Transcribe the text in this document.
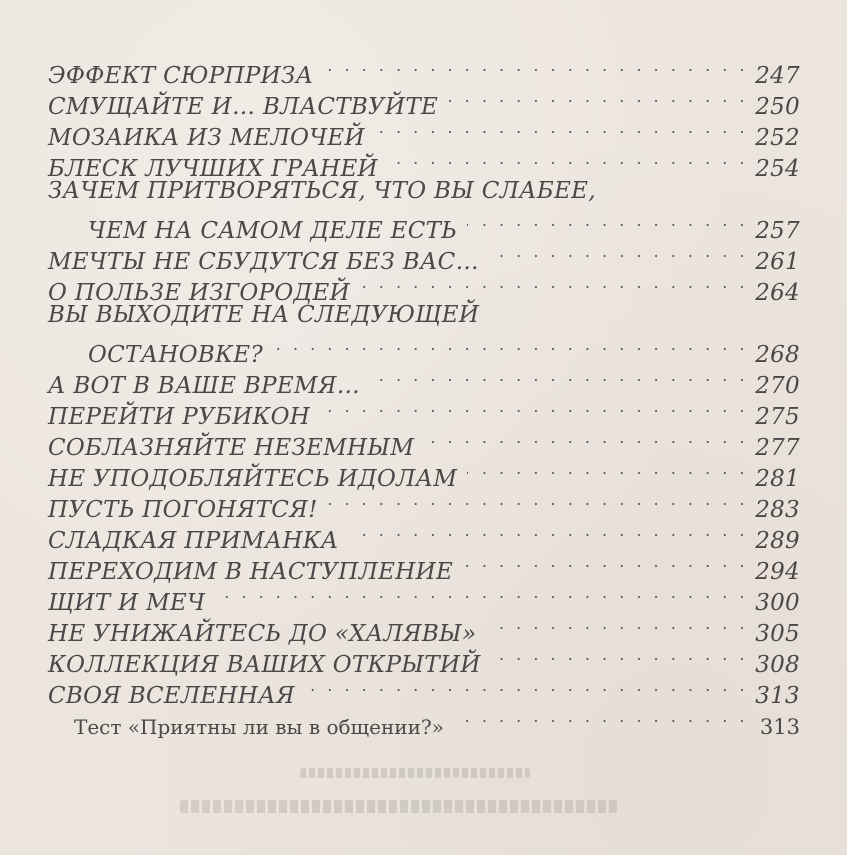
ЭФФЕКТ СЮРПРИЗА . . .	247
СМУЩАЙТЕ И… ВЛАСТВУЙТЕ . . .	250
МОЗАИКА ИЗ МЕЛОЧЕЙ . . .	252
БЛЕСК ЛУЧШИХ ГРАНЕЙ . . .	254
ЗАЧЕМ ПРИТВОРЯТЬСЯ, ЧТО ВЫ СЛАБЕЕ,
ЧЕМ НА САМОМ ДЕЛЕ ЕСТЬ . . .	257
МЕЧТЫ НЕ СБУДУТСЯ БЕЗ ВАС… . . .	261
О ПОЛЬЗЕ ИЗГОРОДЕЙ . . .	264
ВЫ ВЫХОДИТЕ НА СЛЕДУЮЩЕЙ
ОСТАНОВКЕ? . . .	268
А ВОТ В ВАШЕ ВРЕМЯ… . . .	270
ПЕРЕЙТИ РУБИКОН . . .	275
СОБЛАЗНЯЙТЕ НЕЗЕМНЫМ . . .	277
НЕ УПОДОБЛЯЙТЕСЬ ИДОЛАМ . . .	281
ПУСТЬ ПОГОНЯТСЯ! . . .	283
СЛАДКАЯ ПРИМАНКА . . .	289
ПЕРЕХОДИМ В НАСТУПЛЕНИЕ . . .	294
ЩИТ И МЕЧ . . .	300
НЕ УНИЖАЙТЕСЬ ДО «ХАЛЯВЫ» . . .	305
КОЛЛЕКЦИЯ ВАШИХ ОТКРЫТИЙ . . .	308
СВОЯ ВСЕЛЕННАЯ . . .	313
Тест «Приятны ли вы в общении?» . . .	313
